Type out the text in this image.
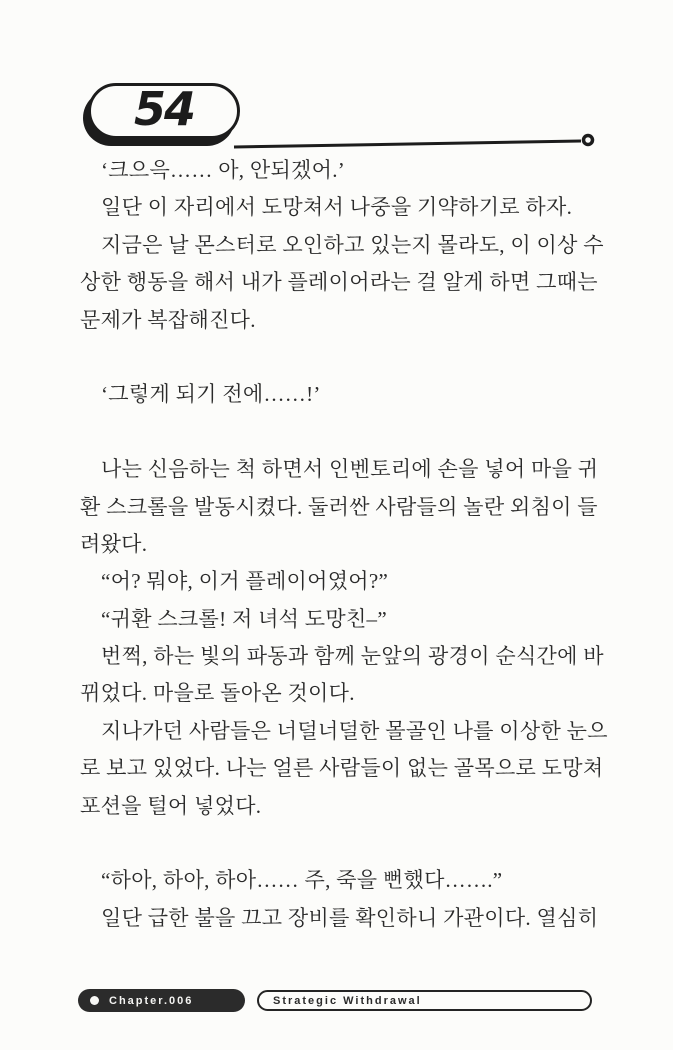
54
‘크으윽…… 아, 안되겠어.’
일단 이 자리에서 도망쳐서 나중을 기약하기로 하자.
지금은 날 몬스터로 오인하고 있는지 몰라도, 이 이상 수
상한 행동을 해서 내가 플레이어라는 걸 알게 하면 그때는
문제가 복잡해진다.
‘그렇게 되기 전에……!’
나는 신음하는 척 하면서 인벤토리에 손을 넣어 마을 귀
환 스크롤을 발동시켰다. 둘러싼 사람들의 놀란 외침이 들
려왔다.
“어? 뭐야, 이거 플레이어였어?”
“귀환 스크롤! 저 녀석 도망친–”
번쩍, 하는 빛의 파동과 함께 눈앞의 광경이 순식간에 바
뀌었다. 마을로 돌아온 것이다.
지나가던 사람들은 너덜너덜한 몰골인 나를 이상한 눈으
로 보고 있었다. 나는 얼른 사람들이 없는 골목으로 도망쳐
포션을 털어 넣었다.
“하아, 하아, 하아…… 주, 죽을 뻔했다…….”
일단 급한 불을 끄고 장비를 확인하니 가관이다. 열심히
Chapter.006	Strategic Withdrawal
